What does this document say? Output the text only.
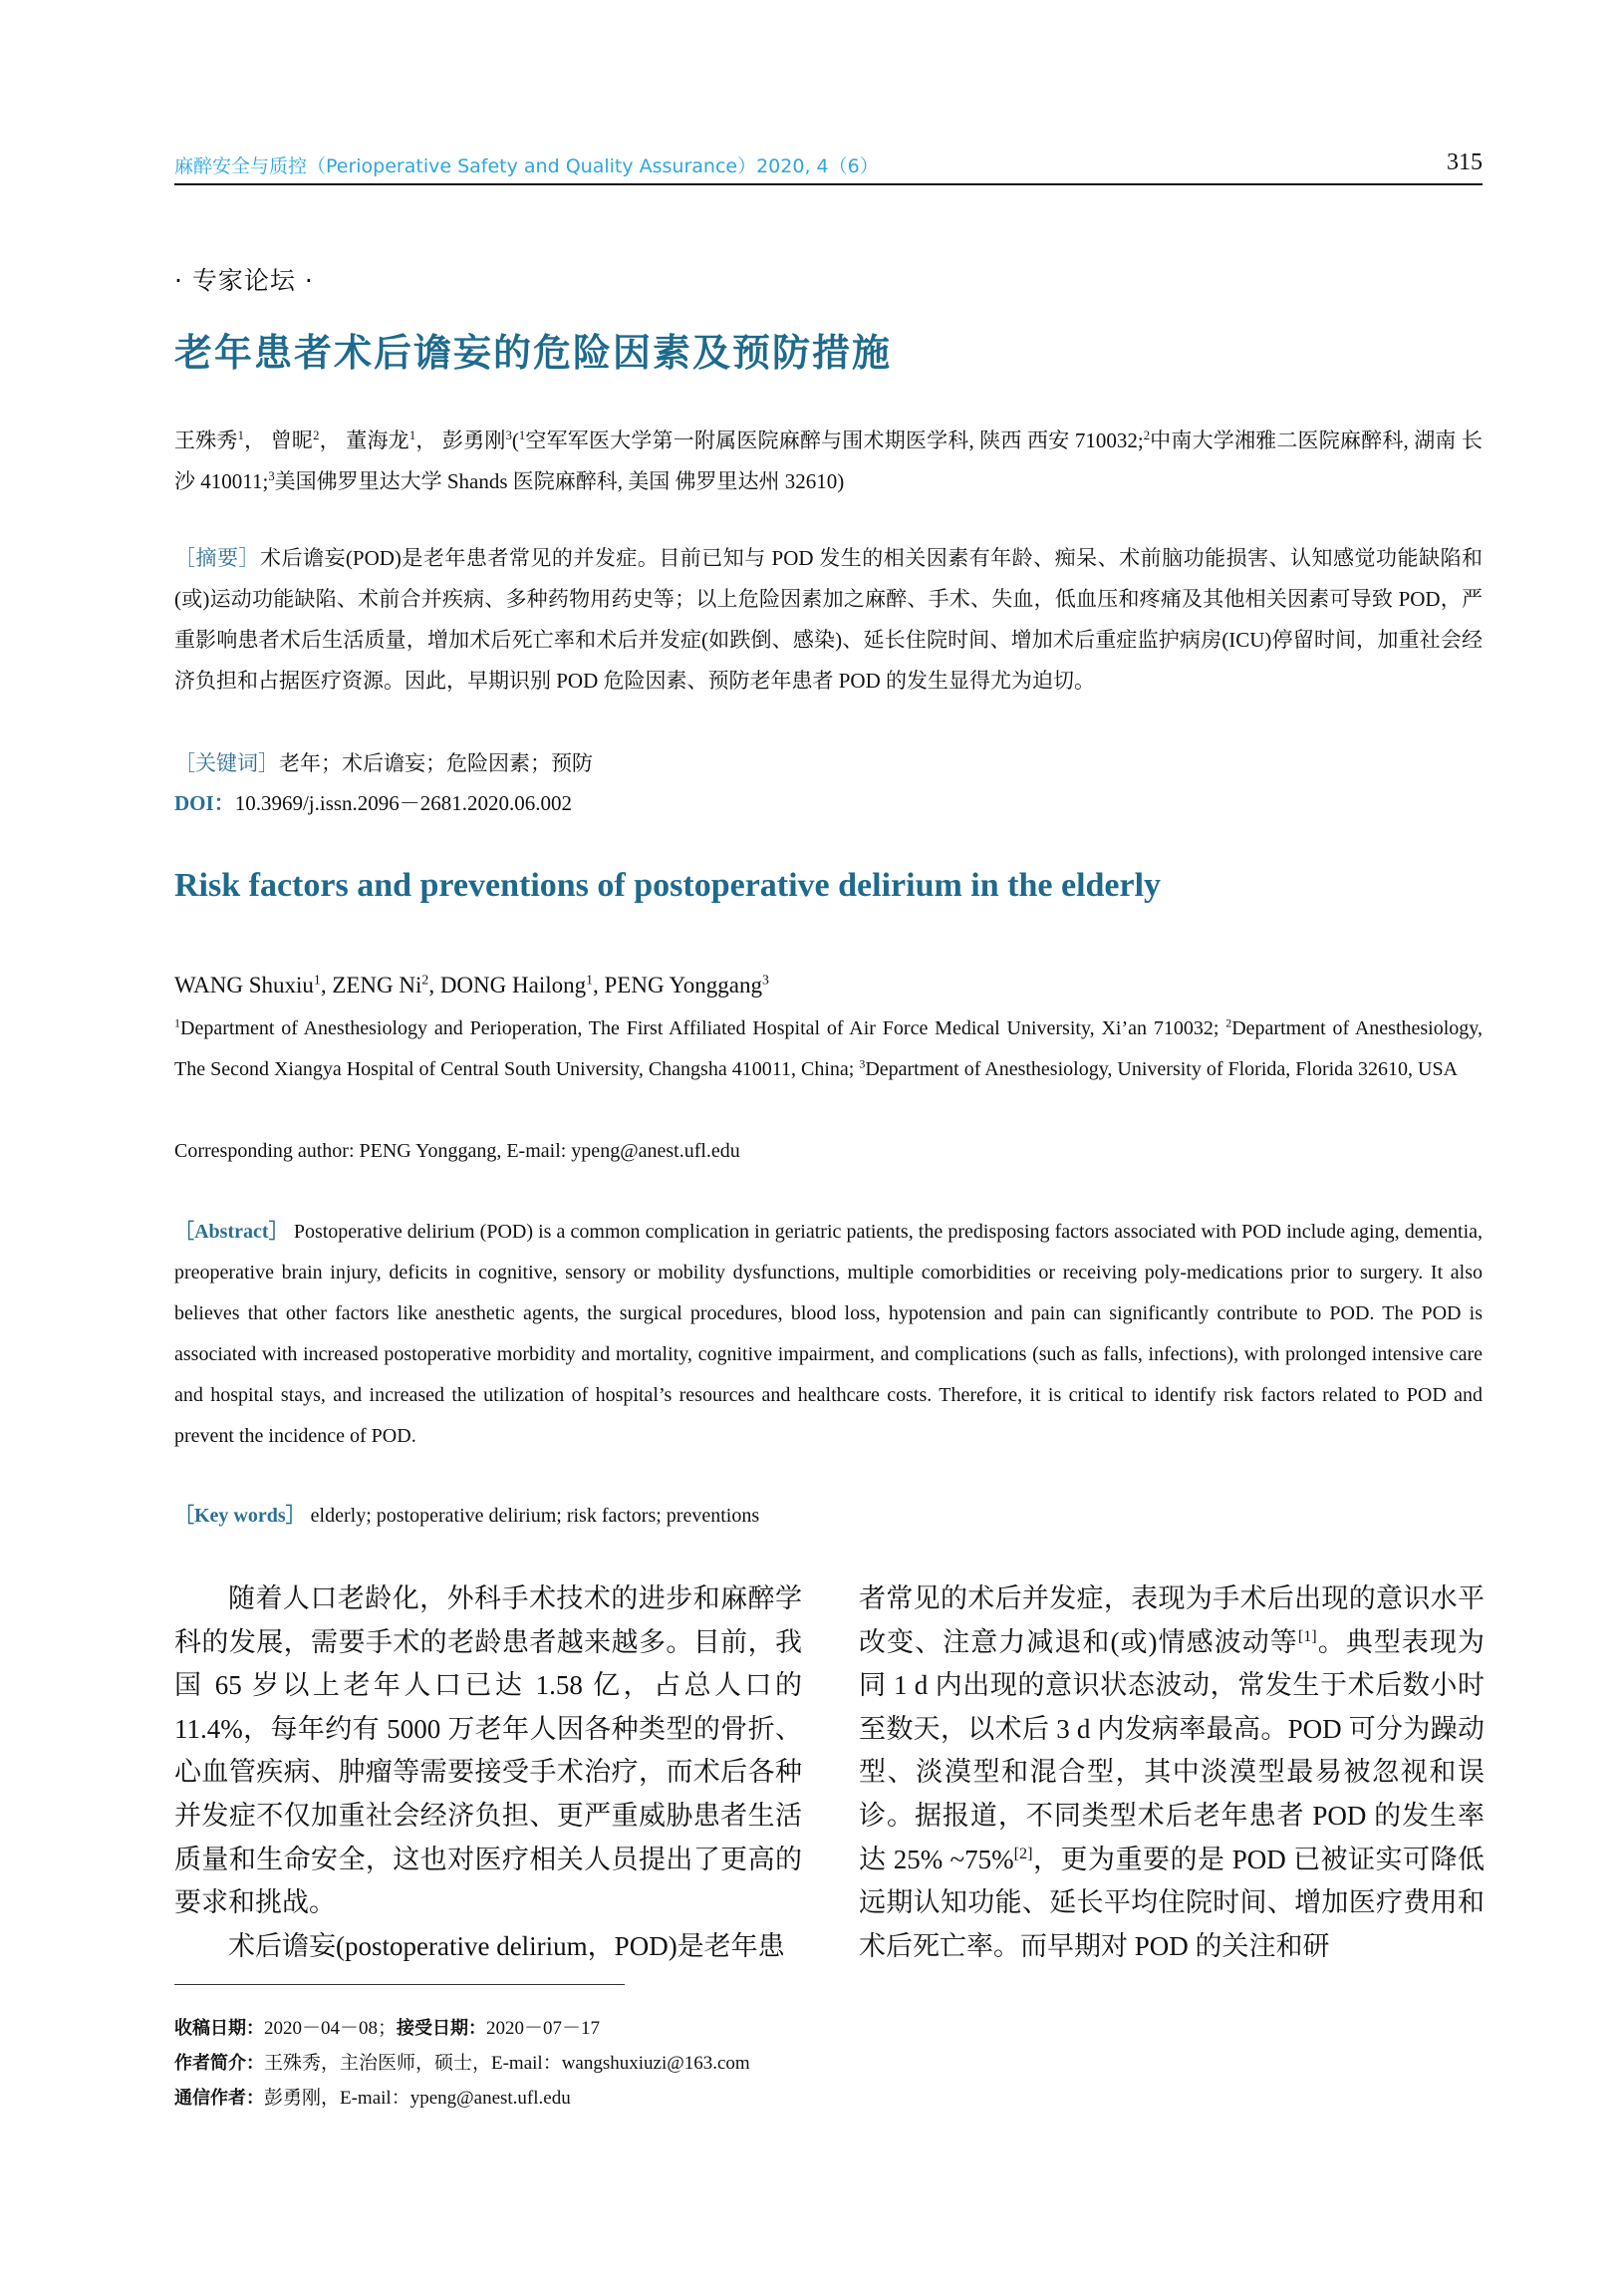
麻醉安全与质控（Perioperative Safety and Quality Assurance）2020, 4（6）	315
· 专家论坛 ·
老年患者术后谵妄的危险因素及预防措施
王殊秀$^1$， 曾昵$^2$， 董海龙$^1$， 彭勇刚$^3$($^1$空军军医大学第一附属医院麻醉与围术期医学科, 陕西 西安 710032;$^2$中南大学湘雅二医院麻醉科, 湖南 长沙 410011;$^3$美国佛罗里达大学 Shands 医院麻醉科, 美国 佛罗里达州 32610)
［摘要］术后谵妄(POD)是老年患者常见的并发症。目前已知与 POD 发生的相关因素有年龄、痴呆、术前脑功能损害、认知感觉功能缺陷和(或)运动功能缺陷、术前合并疾病、多种药物用药史等；以上危险因素加之麻醉、手术、失血，低血压和疼痛及其他相关因素可导致 POD，严重影响患者术后生活质量，增加术后死亡率和术后并发症(如跌倒、感染)、延长住院时间、增加术后重症监护病房(ICU)停留时间，加重社会经济负担和占据医疗资源。因此，早期识别 POD 危险因素、预防老年患者 POD 的发生显得尤为迫切。
［关键词］老年；术后谵妄；危险因素；预防
DOI：10.3969/j.issn.2096－2681.2020.06.002
Risk factors and preventions of postoperative delirium in the elderly
WANG Shuxiu$^1$, ZENG Ni$^2$, DONG Hailong$^1$, PENG Yonggang$^3$
$^1$Department of Anesthesiology and Perioperation, The First Affiliated Hospital of Air Force Medical University, Xi’an 710032; $^2$Department of Anesthesiology, The Second Xiangya Hospital of Central South University, Changsha 410011, China; $^3$Department of Anesthesiology, University of Florida, Florida 32610, USA
Corresponding author: PENG Yonggang, E-mail: ypeng@anest.ufl.edu
［Abstract］ Postoperative delirium (POD) is a common complication in geriatric patients, the predisposing factors associated with POD include aging, dementia, preoperative brain injury, deficits in cognitive, sensory or mobility dysfunctions, multiple comorbidities or receiving poly-medications prior to surgery. It also believes that other factors like anesthetic agents, the surgical procedures, blood loss, hypotension and pain can significantly contribute to POD. The POD is associated with increased postoperative morbidity and mortality, cognitive impairment, and complications (such as falls, infections), with prolonged intensive care and hospital stays, and increased the utilization of hospital’s resources and healthcare costs. Therefore, it is critical to identify risk factors related to POD and prevent the incidence of POD.
［Key words］ elderly; postoperative delirium; risk factors; preventions

随着人口老龄化，外科手术技术的进步和麻醉学科的发展，需要手术的老龄患者越来越多。目前，我国 65 岁以上老年人口已达 1.58 亿，占总人口的 11.4%，每年约有 5000 万老年人因各种类型的骨折、心血管疾病、肿瘤等需要接受手术治疗，而术后各种并发症不仅加重社会经济负担、更严重威胁患者生活质量和生命安全，这也对医疗相关人员提出了更高的要求和挑战。

术后谵妄(postoperative delirium，POD)是老年患

者常见的术后并发症，表现为手术后出现的意识水平改变、注意力减退和(或)情感波动等[1]。典型表现为同 1 d 内出现的意识状态波动，常发生于术后数小时至数天，以术后 3 d 内发病率最高。POD 可分为躁动型、淡漠型和混合型，其中淡漠型最易被忽视和误诊。据报道，不同类型术后老年患者 POD 的发生率达 25% ~75%[2]，更为重要的是 POD 已被证实可降低远期认知功能、延长平均住院时间、增加医疗费用和术后死亡率。而早期对 POD 的关注和研

收稿日期：2020－04－08；接受日期：2020－07－17
作者简介：王殊秀，主治医师，硕士，E-mail：wangshuxiuzi@163.com
通信作者：彭勇刚，E-mail：ypeng@anest.ufl.edu
